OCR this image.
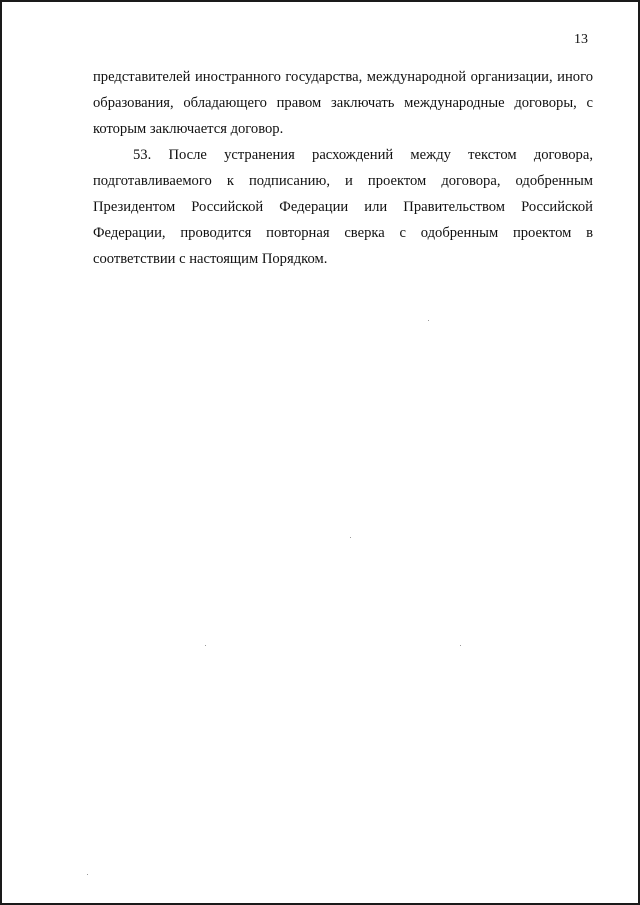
13

представителей иностранного государства, международной организации, иного образования, обладающего правом заключать международные договоры, с которым заключается договор.

53. После устранения расхождений между текстом договора, подготавливаемого к подписанию, и проектом договора, одобренным Президентом Российской Федерации или Правительством Российской Федерации, проводится повторная сверка с одобренным проектом в соответствии с настоящим Порядком.
